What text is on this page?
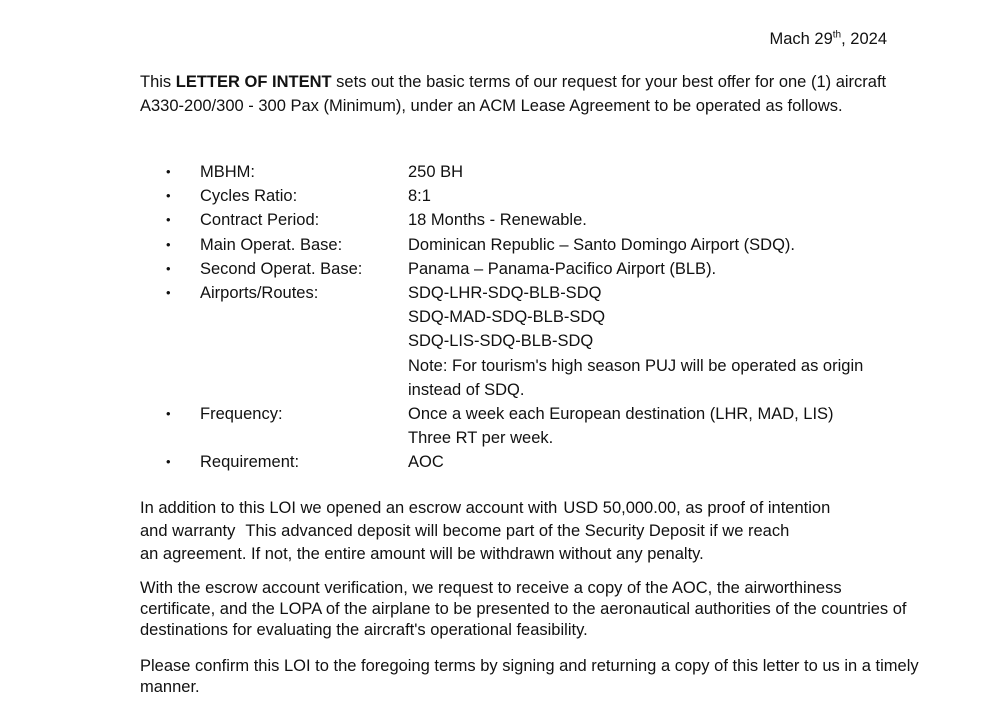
Mach 29th, 2024

This LETTER OF INTENT sets out the basic terms of our request for your best offer for one (1) aircraft A330-200/300 - 300 Pax (Minimum), under an ACM Lease Agreement to be operated as follows.

•	MBHM:	250 BH
•	Cycles Ratio:	8:1
•	Contract Period:	18 Months - Renewable.
•	Main Operat. Base:	Dominican Republic – Santo Domingo Airport (SDQ).
•	Second Operat. Base:	Panama – Panama-Pacifico Airport (BLB).
•	Airports/Routes:	SDQ-LHR-SDQ-BLB-SDQ
SDQ-MAD-SDQ-BLB-SDQ
SDQ-LIS-SDQ-BLB-SDQ
Note: For tourism's high season PUJ will be operated as origin
instead of SDQ.
•	Frequency:	Once a week each European destination (LHR, MAD, LIS)
Three RT per week.
•	Requirement:	AOC

In addition to this LOI we opened an escrow account with USD 50,000.00, as proof of intention
and warranty This advanced deposit will become part of the Security Deposit if we reach
an agreement. If not, the entire amount will be withdrawn without any penalty.

With the escrow account verification, we request to receive a copy of the AOC, the airworthiness certificate, and the LOPA of the airplane to be presented to the aeronautical authorities of the countries of destinations for evaluating the aircraft's operational feasibility.

Please confirm this LOI to the foregoing terms by signing and returning a copy of this letter to us in a timely manner.
